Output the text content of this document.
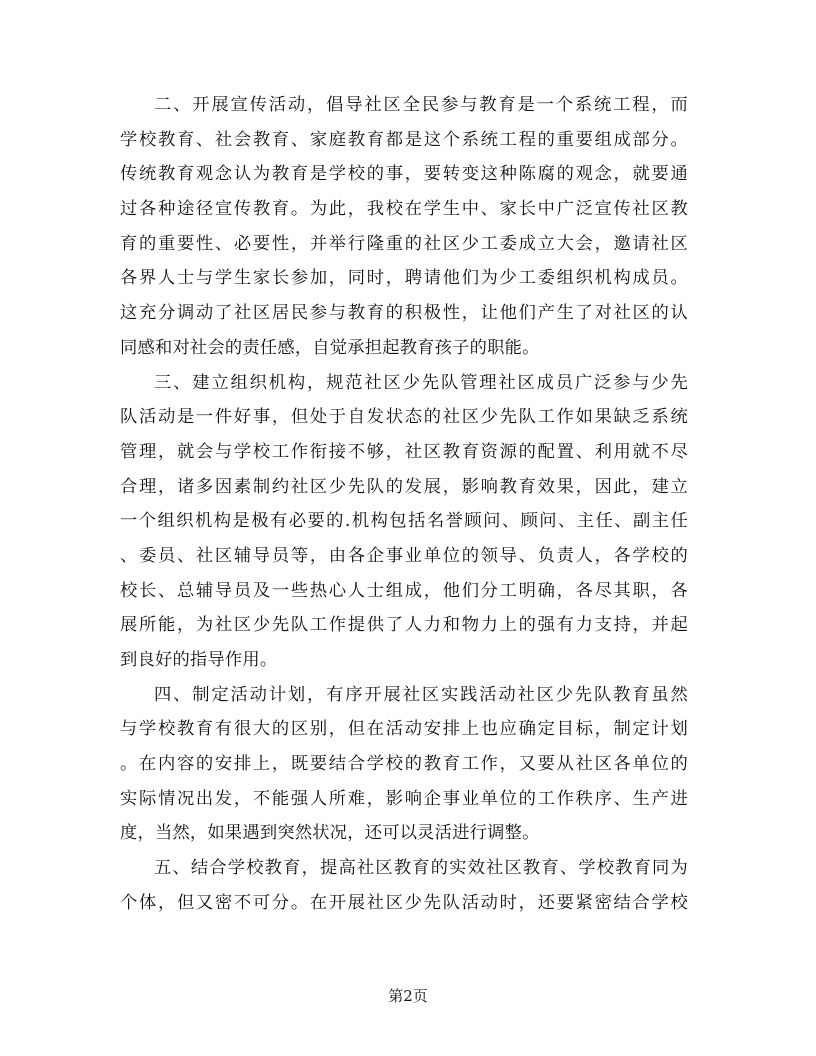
二、开展宣传活动，倡导社区全民参与教育是一个系统工程，而
学校教育、社会教育、家庭教育都是这个系统工程的重要组成部分。
传统教育观念认为教育是学校的事，要转变这种陈腐的观念，就要通
过各种途径宣传教育。为此，我校在学生中、家长中广泛宣传社区教
育的重要性、必要性，并举行隆重的社区少工委成立大会，邀请社区
各界人士与学生家长参加，同时，聘请他们为少工委组织机构成员。
这充分调动了社区居民参与教育的积极性，让他们产生了对社区的认
同感和对社会的责任感，自觉承担起教育孩子的职能。
三、建立组织机构，规范社区少先队管理社区成员广泛参与少先
队活动是一件好事，但处于自发状态的社区少先队工作如果缺乏系统
管理，就会与学校工作衔接不够，社区教育资源的配置、利用就不尽
合理，诸多因素制约社区少先队的发展，影响教育效果，因此，建立
一个组织机构是极有必要的.机构包括名誉顾问、顾问、主任、副主任
、委员、社区辅导员等，由各企事业单位的领导、负责人，各学校的
校长、总辅导员及一些热心人士组成，他们分工明确，各尽其职，各
展所能，为社区少先队工作提供了人力和物力上的强有力支持，并起
到良好的指导作用。
四、制定活动计划，有序开展社区实践活动社区少先队教育虽然
与学校教育有很大的区别，但在活动安排上也应确定目标，制定计划
。在内容的安排上，既要结合学校的教育工作，又要从社区各单位的
实际情况出发，不能强人所难，影响企事业单位的工作秩序、生产进
度，当然，如果遇到突然状况，还可以灵活进行调整。
五、结合学校教育，提高社区教育的实效社区教育、学校教育同为
个体，但又密不可分。在开展社区少先队活动时，还要紧密结合学校
第2页
